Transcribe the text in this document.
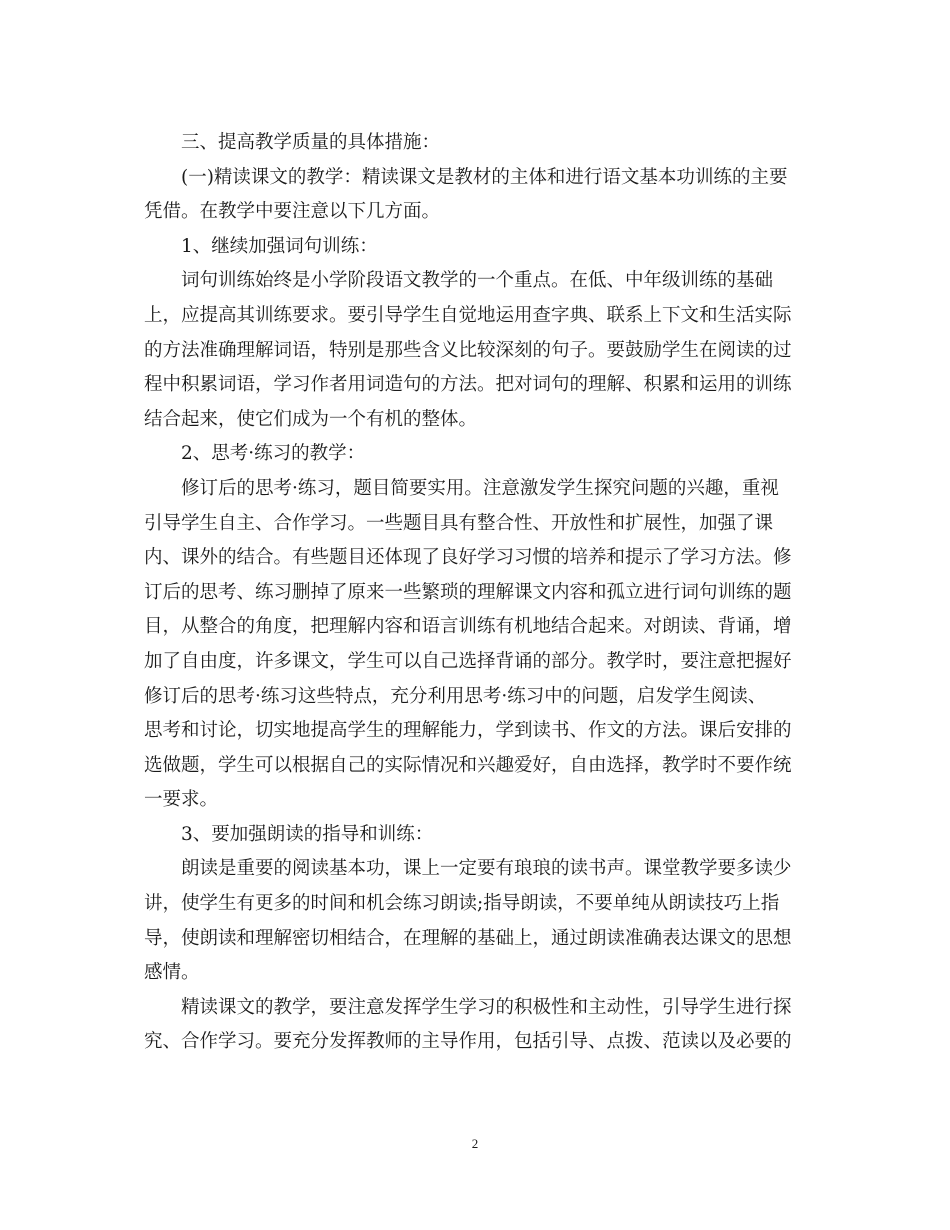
三、提高教学质量的具体措施：
(一)精读课文的教学：精读课文是教材的主体和进行语文基本功训练的主要
凭借。在教学中要注意以下几方面。
1、继续加强词句训练：
词句训练始终是小学阶段语文教学的一个重点。在低、中年级训练的基础
上，应提高其训练要求。要引导学生自觉地运用查字典、联系上下文和生活实际
的方法准确理解词语，特别是那些含义比较深刻的句子。要鼓励学生在阅读的过
程中积累词语，学习作者用词造句的方法。把对词句的理解、积累和运用的训练
结合起来，使它们成为一个有机的整体。
2、思考·练习的教学：
修订后的思考·练习，题目简要实用。注意激发学生探究问题的兴趣，重视
引导学生自主、合作学习。一些题目具有整合性、开放性和扩展性，加强了课
内、课外的结合。有些题目还体现了良好学习习惯的培养和提示了学习方法。修
订后的思考、练习删掉了原来一些繁琐的理解课文内容和孤立进行词句训练的题
目，从整合的角度，把理解内容和语言训练有机地结合起来。对朗读、背诵，增
加了自由度，许多课文，学生可以自己选择背诵的部分。教学时，要注意把握好
修订后的思考·练习这些特点，充分利用思考·练习中的问题，启发学生阅读、
思考和讨论，切实地提高学生的理解能力，学到读书、作文的方法。课后安排的
选做题，学生可以根据自己的实际情况和兴趣爱好，自由选择，教学时不要作统
一要求。
3、要加强朗读的指导和训练：
朗读是重要的阅读基本功，课上一定要有琅琅的读书声。课堂教学要多读少
讲，使学生有更多的时间和机会练习朗读;指导朗读，不要单纯从朗读技巧上指
导，使朗读和理解密切相结合，在理解的基础上，通过朗读准确表达课文的思想
感情。
精读课文的教学，要注意发挥学生学习的积极性和主动性，引导学生进行探
究、合作学习。要充分发挥教师的主导作用，包括引导、点拨、范读以及必要的
2
